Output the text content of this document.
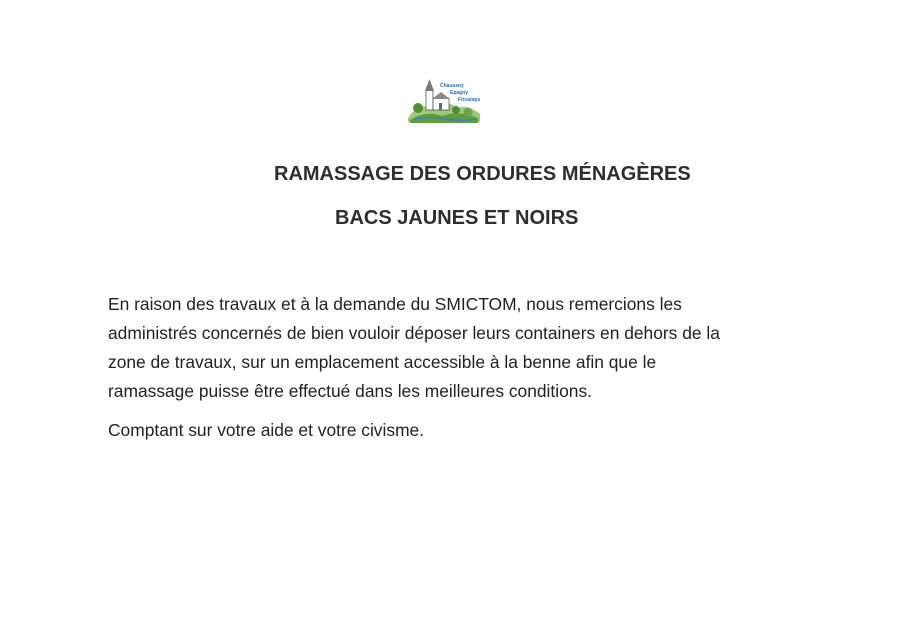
Chaussoy
Epagny
Fricamps
RAMASSAGE DES ORDURES MÉNAGÈRES
BACS JAUNES ET NOIRS

En raison des travaux et à la demande du SMICTOM, nous remercions les
administrés concernés de bien vouloir déposer leurs containers en dehors de la
zone de travaux, sur un emplacement accessible à la benne afin que le
ramassage puisse être effectué dans les meilleures conditions.

Comptant sur votre aide et votre civisme.
